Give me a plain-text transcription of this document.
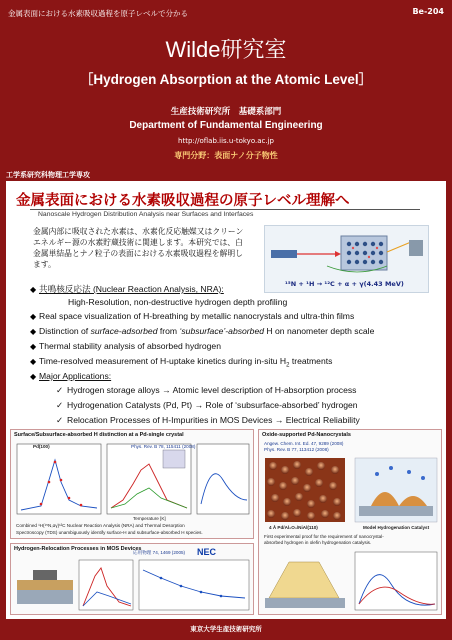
金属表面における水素吸収過程を原子レベルで分かる	Be-204
Wilde研究室
［Hydrogen Absorption at the Atomic Level］
生産技術研究所　基礎系部門
Department of Fundamental Engineering
http://oflab.iis.u-tokyo.ac.jp
専門分野：表面ナノ分子物性
工学系研究科物理工学専攻
金属表面における水素吸収過程の原子レベル理解へ
Nanoscale Hydrogen Distribution Analysis near Surfaces and Interfaces
金属内部に吸収された水素は、水素化反応触媒又はクリーン
エネルギー源の水素貯蔵技術に関連します。本研究では、白
金属単結晶とナノ粒子の表面における水素吸収過程を解明し
ます。
¹⁵N + ¹H → ¹²C + α + γ(4.43 MeV)
◆ 共鳴核反応法 (Nuclear Reaction Analysis, NRA):
High-Resolution, non-destructive hydrogen depth profiling
◆ Real space visualization of H-breathing by metallic nanocrystals and ultra-thin films
◆ Distinction of surface-adsorbed from ‘subsurface’-absorbed H on nanometer depth scale
◆ Thermal stability analysis of absorbed hydrogen
◆ Time-resolved measurement of H-uptake kinetics during in-situ $H_2$ treatments
◆ Major Applications:
✓ Hydrogen storage alloys → Atomic level description of H-absorption process
✓ Hydrogenation Catalysts (Pd, Pt) → Role of ‘subsurface-absorbed’ hydrogen
✓ Relocation Processes of H-Impurities in MOS Devices → Electrical Reliability
Surface/Subsurface-absorbed H distinction at a Pd-single crystal
Pd(100)	Phys. Rev. B 78, 115411 (2008)
Temperature [K]
Combined ¹H(¹⁵N,αγ)¹²C Nuclear Reaction Analysis (NRA) and Thermal Desorption
Spectroscopy (TDS) unambiguously identify surface-H and subsurface-absorbed H species.
Oxide-supported Pd-Nanocrystals
Angew. Chem. Int. Ed. 47, 9289 (2008)
Phys. Rev. B 77, 113412 (2008)
4 Å Pd/Al₂O₃/NiAl(110)	Model Hydrogenation Catalyst
First experimental proof for the requirement of nanocrystal-
absorbed hydrogen in olefin hydrogenation catalysis.
Hydrogen-Relocation Processes in MOS Devices	NEC
応用物理 74, 1469 (2005)
東京大学生産技術研究所
